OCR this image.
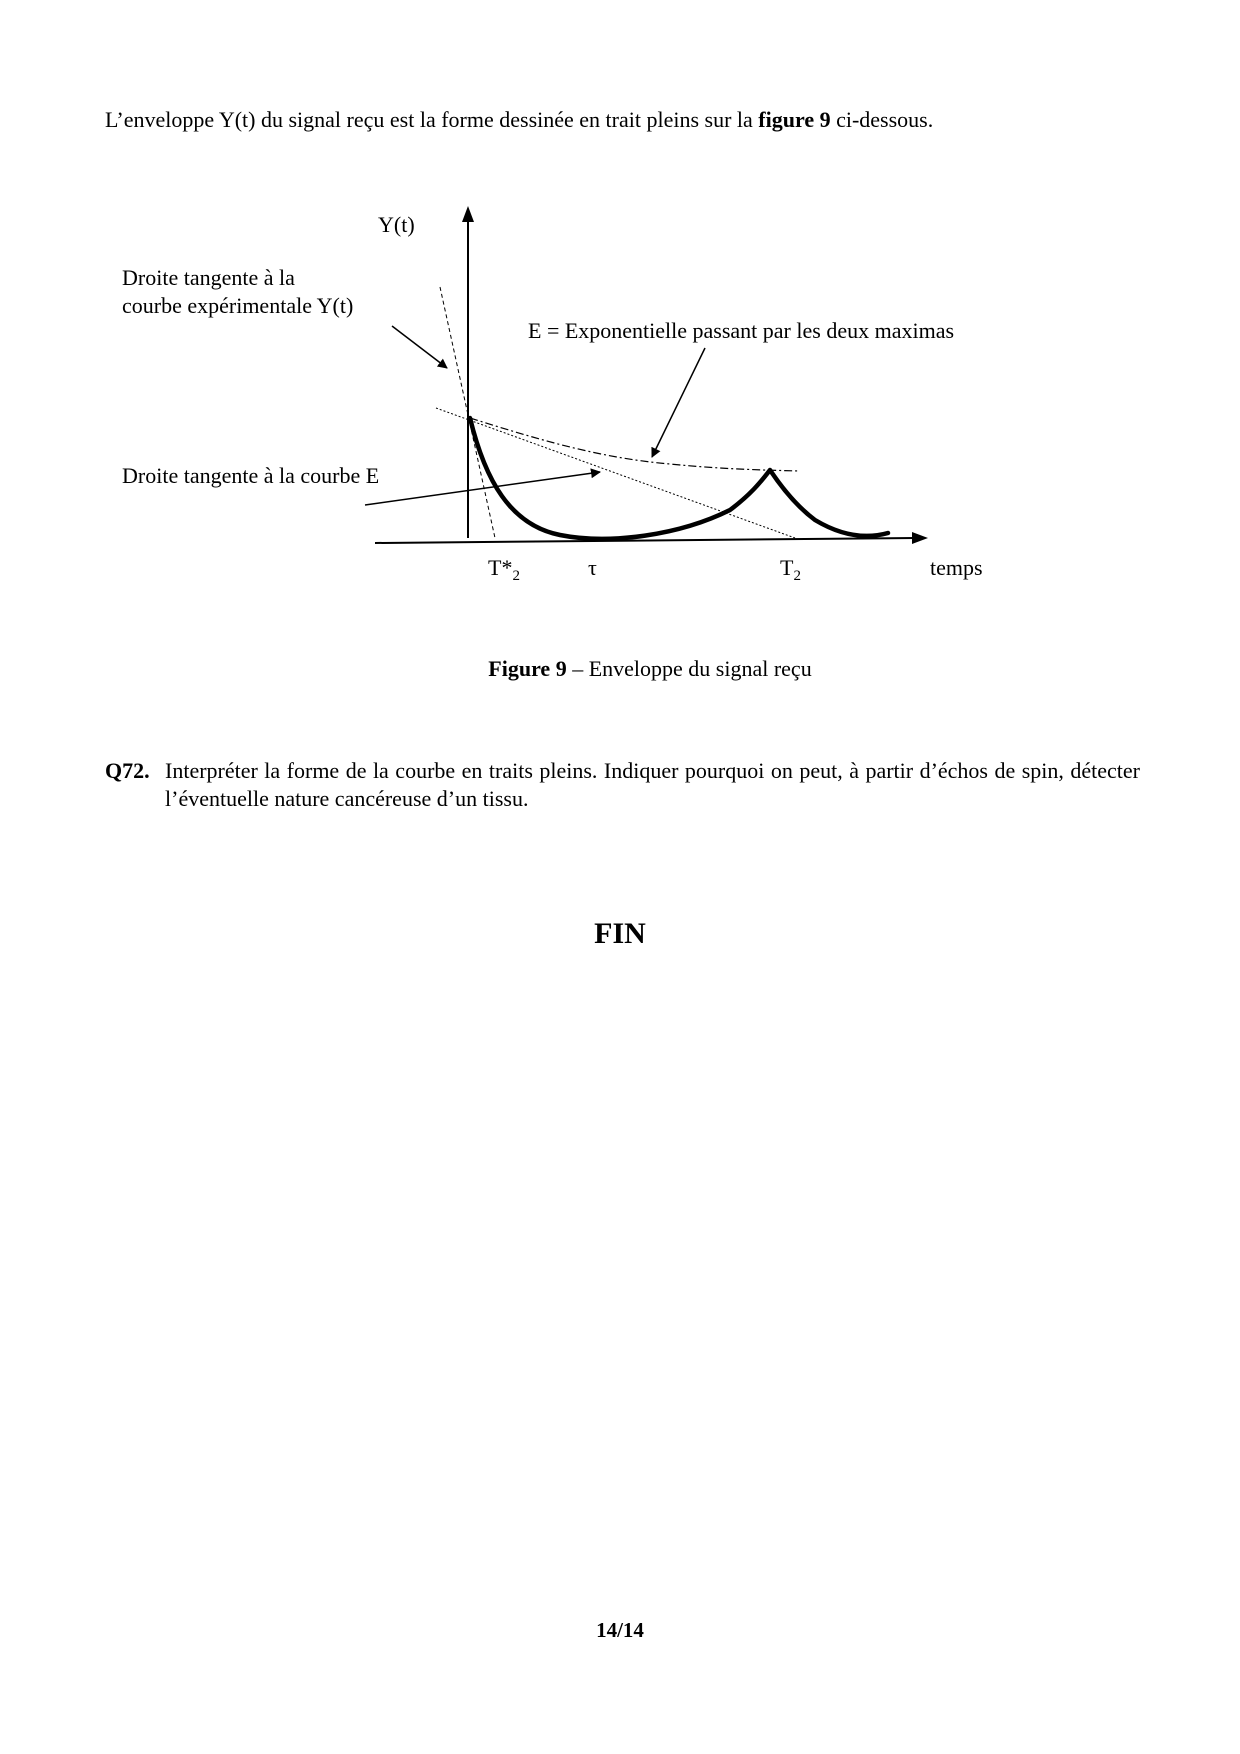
L’enveloppe Y(t) du signal reçu est la forme dessinée en trait pleins sur la figure 9 ci-dessous.
Y(t)
Droite tangente à la
courbe expérimentale Y(t)
E = Exponentielle passant par les deux maximas
Droite tangente à la courbe E
temps
$T*_2$	τ	$T_2$
Figure 9 – Enveloppe du signal reçu
Q72. Interpréter la forme de la courbe en traits pleins. Indiquer pourquoi on peut, à partir d’échos de spin, détecter l’éventuelle nature cancéreuse d’un tissu.
FIN
14/14
